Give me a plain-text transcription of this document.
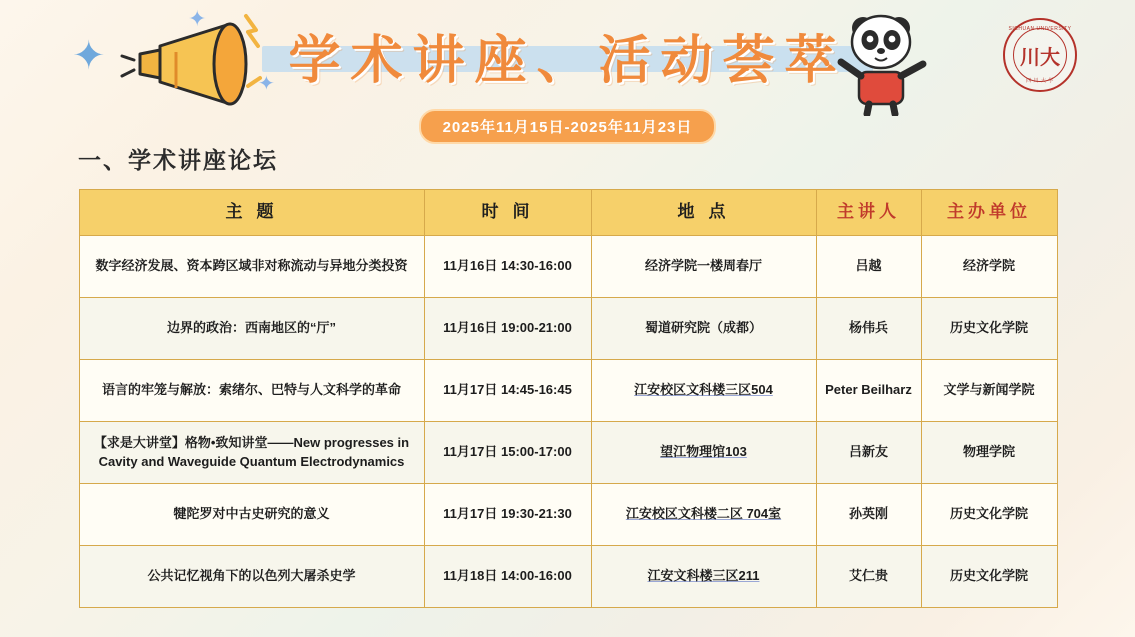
✦
✦
✦ 学术讲座、活动荟萃
2025年11月15日-2025年11月23日
SICHUAN UNIVERSITY
川大
四 川 大 学
一、学术讲座论坛
主 题	时 间	地 点	主讲人	主办单位
数字经济发展、资本跨区域非对称流动与异地分类投资	11月16日 14:30-16:00	经济学院一楼周春厅	吕越	经济学院
边界的政治：西南地区的“厅”	11月16日 19:00-21:00	蜀道研究院（成都）	杨伟兵	历史文化学院
语言的牢笼与解放：索绪尔、巴特与人文科学的革命	11月17日 14:45-16:45	江安校区文科楼三区504	Peter Beilharz	文学与新闻学院
【求是大讲堂】格物•致知讲堂——New progresses in Cavity and Waveguide Quantum Electrodynamics	11月17日 15:00-17:00	望江物理馆103	吕新友	物理学院
犍陀罗对中古史研究的意义	11月17日 19:30-21:30	江安校区文科楼二区 704室	孙英刚	历史文化学院
公共记忆视角下的以色列大屠杀史学	11月18日 14:00-16:00	江安文科楼三区211	艾仁贵	历史文化学院
